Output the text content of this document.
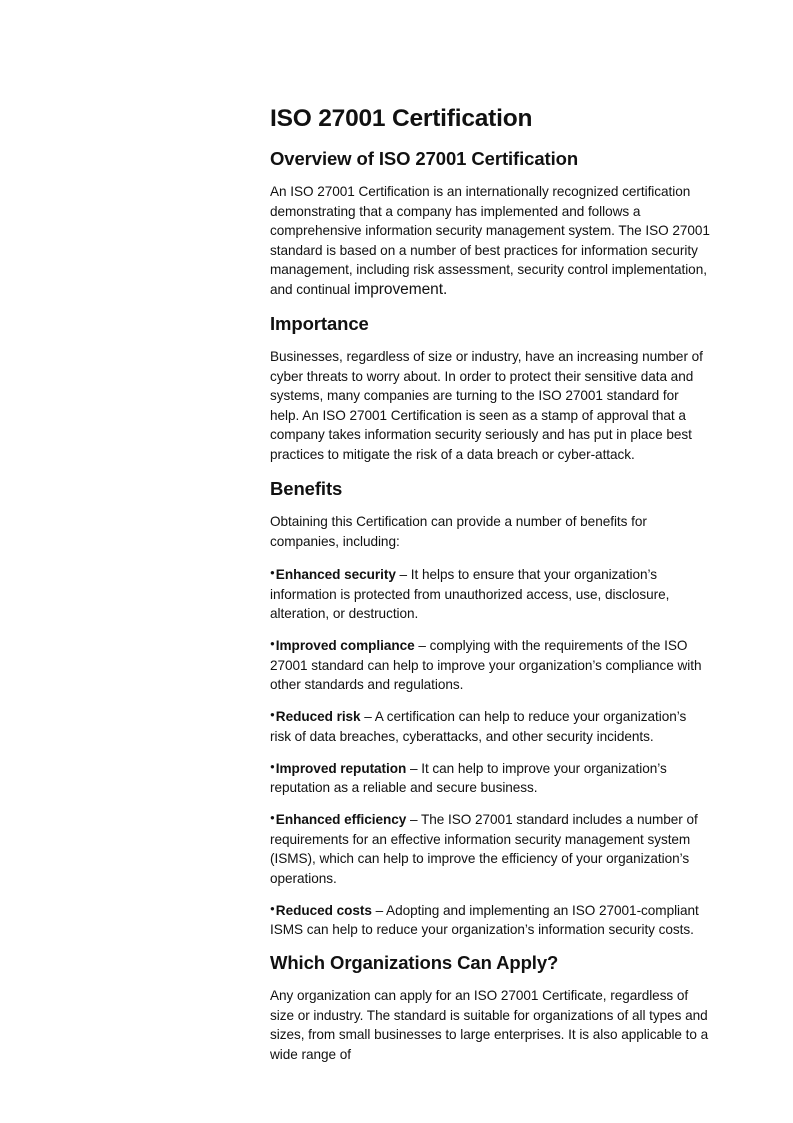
ISO 27001 Certification
Overview of ISO 27001 Certification

An ISO 27001 Certification is an internationally recognized certification demonstrating that a company has implemented and follows a comprehensive information security management system. The ISO 27001 standard is based on a number of best practices for information security management, including risk assessment, security control implementation, and continual improvement.

Importance

Businesses, regardless of size or industry, have an increasing number of cyber threats to worry about. In order to protect their sensitive data and systems, many companies are turning to the ISO 27001 standard for help. An ISO 27001 Certification is seen as a stamp of approval that a company takes information security seriously and has put in place best practices to mitigate the risk of a data breach or cyber-attack.

Benefits

Obtaining this Certification can provide a number of benefits for companies, including:

●Enhanced security – It helps to ensure that your organization’s information is protected from unauthorized access, use, disclosure, alteration, or destruction.

●Improved compliance – complying with the requirements of the ISO 27001 standard can help to improve your organization’s compliance with other standards and regulations.

●Reduced risk – A certification can help to reduce your organization’s risk of data breaches, cyberattacks, and other security incidents.

●Improved reputation – It can help to improve your organization’s reputation as a reliable and secure business.

●Enhanced efficiency – The ISO 27001 standard includes a number of requirements for an effective information security management system (ISMS), which can help to improve the efficiency of your organization’s operations.

●Reduced costs – Adopting and implementing an ISO 27001-compliant ISMS can help to reduce your organization’s information security costs.

Which Organizations Can Apply?

Any organization can apply for an ISO 27001 Certificate, regardless of size or industry. The standard is suitable for organizations of all types and sizes, from small businesses to large enterprises. It is also applicable to a wide range of
